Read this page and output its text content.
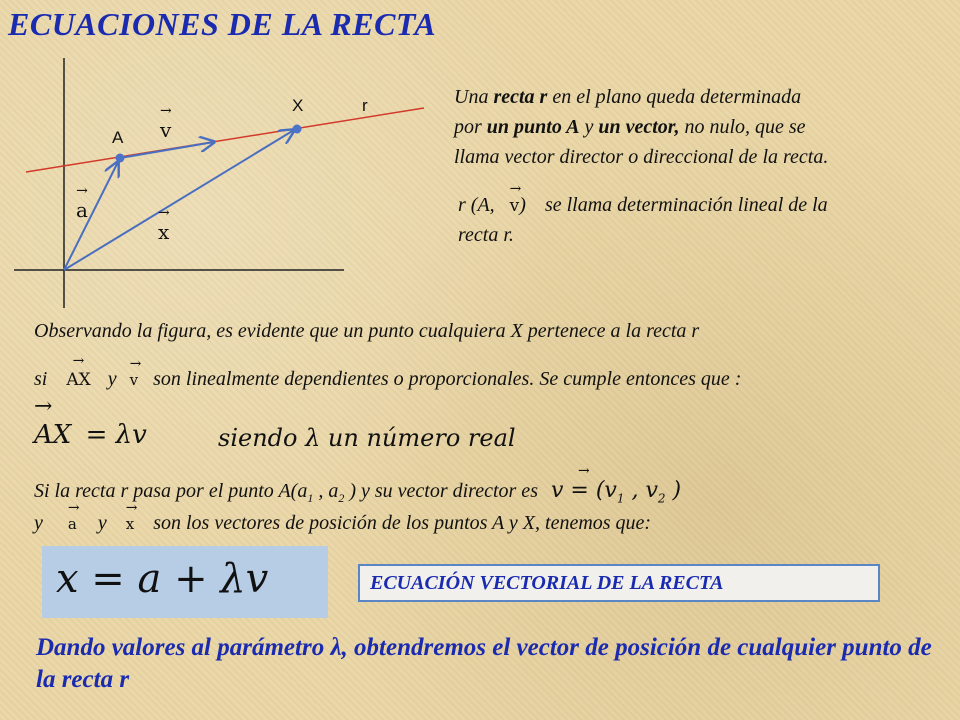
ECUACIONES DE LA RECTA
X	r
A
→
v
→
a	→
x
Una recta r en el plano queda determinada
por un punto A y un vector, no nulo, que se
llama vector director o direccional de la recta.
r (A,
→
v) se llama determinación lineal de la
recta r.
Observando la figura, es evidente que un punto cualquiera X pertenece a la recta r
si
→
AX y
→
v son linealmente dependientes o proporcionales. Se cumple entonces que :
→
AX = λv	siendo λ un número real
Si la recta r pasa por el punto $A(a_1$ , $a_2$ ) y su vector director es
→
$v = (v_1$ , $v_2$ )
y
→
a y
→
x son los vectores de posición de los puntos A y X, tenemos que:
x = a + λv	ECUACIÓN VECTORIAL DE LA RECTA
Dando valores al parámetro λ, obtendremos el vector de posición de cualquier punto de la recta r
